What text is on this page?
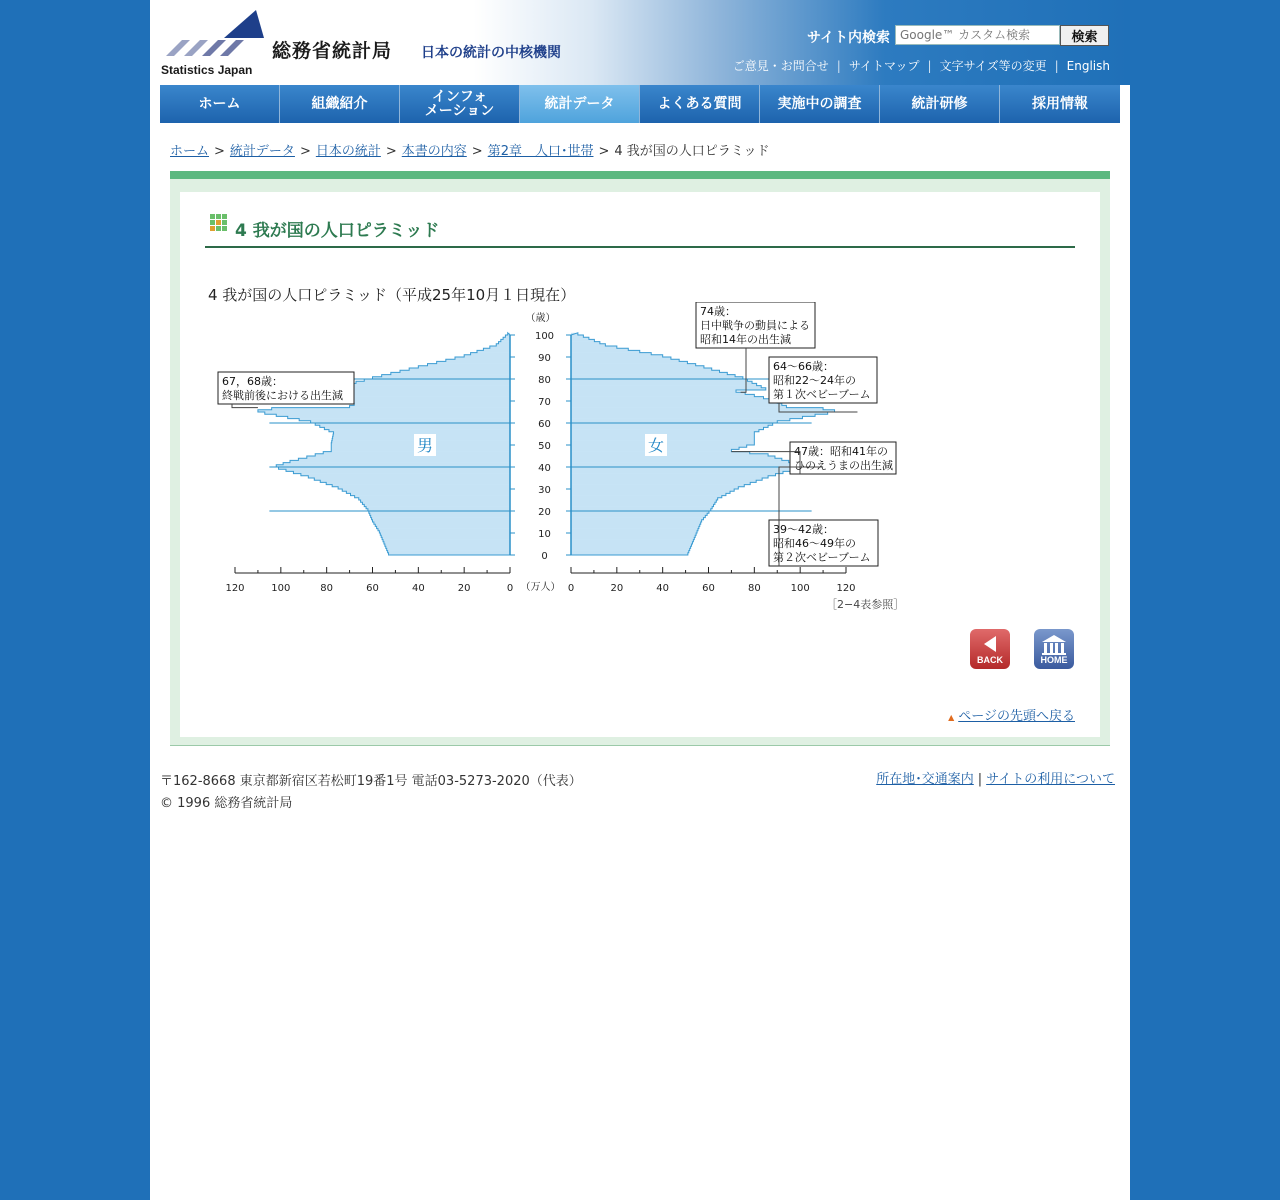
Statistics Japan
総務省統計局 日本の統計の中核機関
サイト内検索
Google™ カスタム検索	検索
ご意見・お問合せ | サイトマップ | 文字サイズ等の変更 | English
ホーム	組織紹介	インフォ
メーション	統計データ	よくある質問	実施中の調査	統計研修	採用情報
ホーム > 統計データ > 日本の統計 > 本書の内容 > 第2章　人口･世帯 > 4 我が国の人口ピラミッド
4 我が国の人口ピラミッド
4 我が国の人口ピラミッド（平成25年10月１日現在）
男	女
0
10
20
30
40
50
60
70
80
90
100
（歳）
0	0
20	20
40	40
60	60
80	80
100	100
120	120
（万人）
67，68歳：
終戦前後における出生減
74歳：
日中戦争の動員による
昭和14年の出生減
64～66歳：
昭和22～24年の
第１次ベビーブーム
47歳：昭和41年の
ひのえうまの出生減
39～42歳：
昭和46～49年の
第２次ベビーブーム
［2−4表参照］
BACK	HOME
▲ ページの先頭へ戻る
〒162-8668 東京都新宿区若松町19番1号 電話03-5273-2020（代表）
© 1996 総務省統計局
所在地･交通案内 | サイトの利用について
